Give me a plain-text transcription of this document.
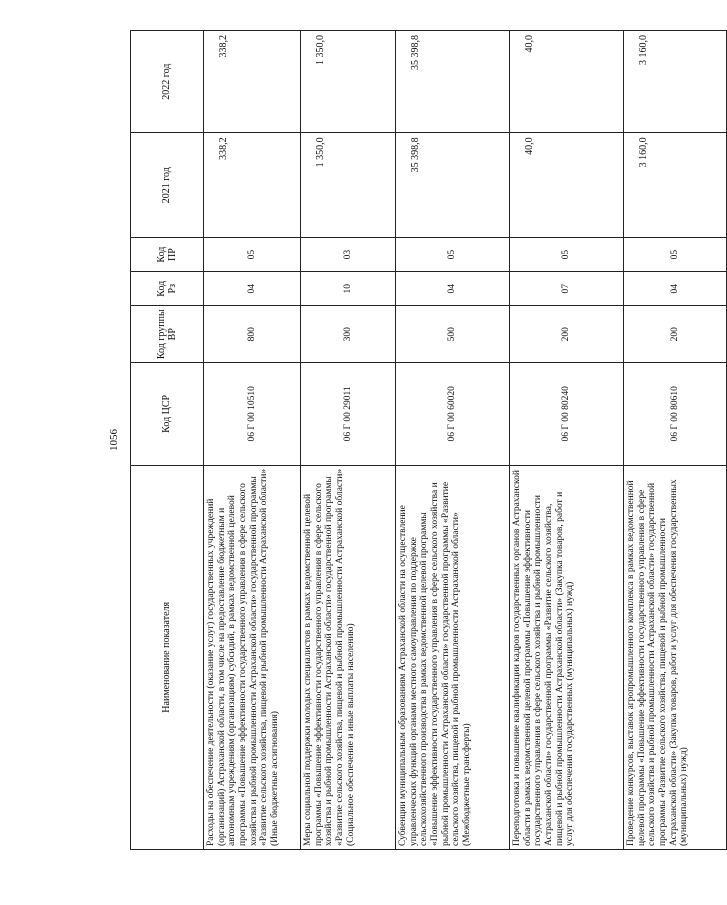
1056
Наименование показателя	Код ЦСР	Код группы ВР	Код Рз	Код ПР	2021 год	2022 год
Расходы на обеспечение деятельности (оказание услуг) государственных учреждений (организаций) Астраханской области, в том числе на предоставление бюджетным и автономным учреждениям (организациям) субсидий, в рамках ведомственной целевой программы «Повышение эффективности государственного управления в сфере сельского хозяйства и рыбной промышленности Астраханской области» государственной программы «Развитие сельского хозяйства, пищевой и рыбной промышленности Астраханской области» (Иные бюджетные ассигнования)	06 Г 00 10510	800	04	05	338,2	338,2
Меры социальной поддержки молодых специалистов в рамках ведомственной целевой программы «Повышение эффективности государственного управления в сфере сельского хозяйства и рыбной промышленности Астраханской области» государственной программы «Развитие сельского хозяйства, пищевой и рыбной промышленности Астраханской области» (Социальное обеспечение и иные выплаты населению)	06 Г 00 29011	300	10	03	1 350,0	1 350,0
Субвенции муниципальным образованиям Астраханской области на осуществление управленческих функций органами местного самоуправления по поддержке сельскохозяйственного производства в рамках ведомственной целевой программы «Повышение эффективности государственного управления в сфере сельского хозяйства и рыбной промышленности Астраханской области» государственной программы «Развитие сельского хозяйства, пищевой и рыбной промышленности Астраханской области» (Межбюджетные трансферты)	06 Г 00 60020	500	04	05	35 398,8	35 398,8
Переподготовка и повышение квалификации кадров государственных органов Астраханской области в рамках ведомственной целевой программы «Повышение эффективности государственного управления в сфере сельского хозяйства и рыбной промышленности Астраханской области» государственной программы «Развитие сельского хозяйства, пищевой и рыбной промышленности Астраханской области» (Закупка товаров, работ и услуг для обеспечения государственных (муниципальных) нужд)	06 Г 00 80240	200	07	05	40,0	40,0
Проведение конкурсов, выставок агропромышленного комплекса в рамках ведомственной целевой программы «Повышение эффективности государственного управления в сфере сельского хозяйства и рыбной промышленности Астраханской области» государственной программы «Развитие сельского хозяйства, пищевой и рыбной промышленности Астраханской области» (Закупка товаров, работ и услуг для обеспечения государственных (муниципальных) нужд)	06 Г 00 80610	200	04	05	3 160,0	3 160,0
